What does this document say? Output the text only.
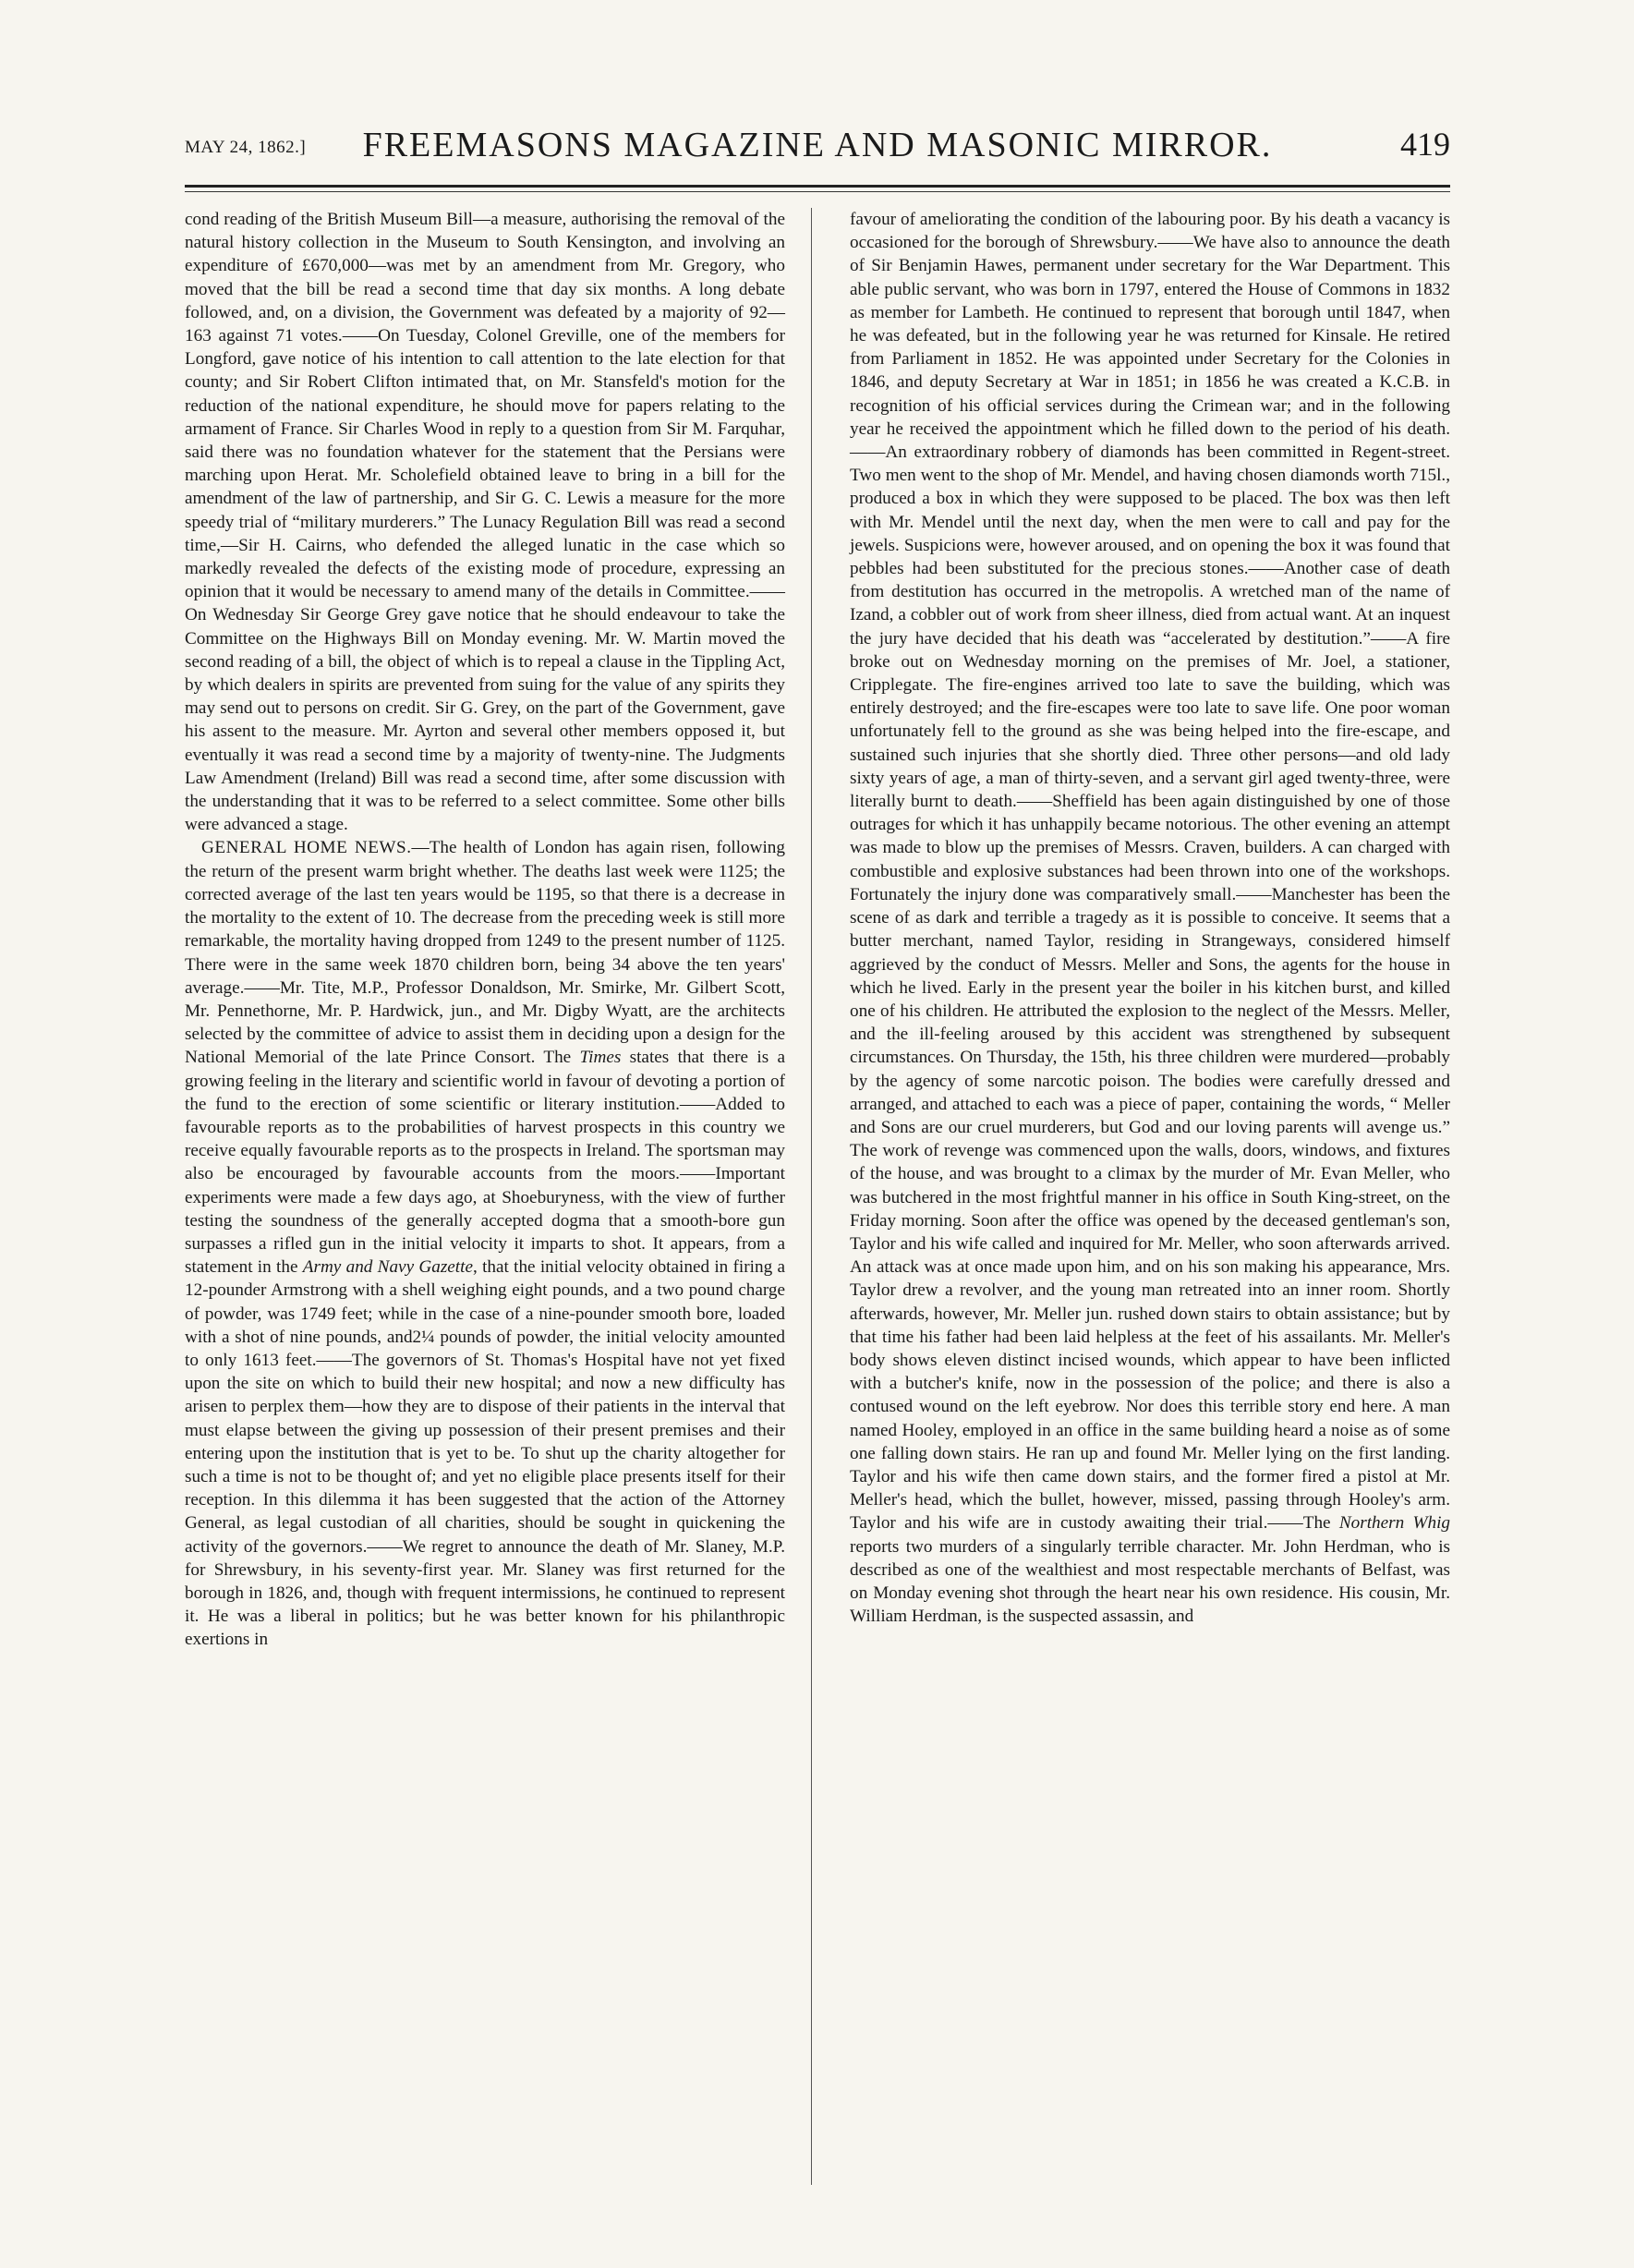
MAY 24, 1862.]	FREEMASONS MAGAZINE AND MASONIC MIRROR.	419

cond reading of the British Museum Bill—a measure, authorising the removal of the natural history collection in the Museum to South Kensington, and involving an expenditure of £670,000—was met by an amendment from Mr. Gregory, who moved that the bill be read a second time that day six months. A long debate followed, and, on a division, the Government was defeated by a majority of 92—163 against 71 votes.——On Tuesday, Colonel Greville, one of the members for Longford, gave notice of his intention to call attention to the late election for that county; and Sir Robert Clifton intimated that, on Mr. Stansfeld's motion for the reduction of the national expenditure, he should move for papers relating to the armament of France. Sir Charles Wood in reply to a question from Sir M. Farquhar, said there was no foundation whatever for the statement that the Persians were marching upon Herat. Mr. Scholefield obtained leave to bring in a bill for the amendment of the law of partnership, and Sir G. C. Lewis a measure for the more speedy trial of “military murderers.” The Lunacy Regulation Bill was read a second time,—Sir H. Cairns, who defended the alleged lunatic in the case which so markedly revealed the defects of the existing mode of procedure, expressing an opinion that it would be necessary to amend many of the details in Committee.——On Wednesday Sir George Grey gave notice that he should endeavour to take the Committee on the Highways Bill on Monday evening. Mr. W. Martin moved the second reading of a bill, the object of which is to repeal a clause in the Tippling Act, by which dealers in spirits are prevented from suing for the value of any spirits they may send out to persons on credit. Sir G. Grey, on the part of the Government, gave his assent to the measure. Mr. Ayrton and several other members opposed it, but eventually it was read a second time by a majority of twenty-nine. The Judgments Law Amendment (Ireland) Bill was read a second time, after some discussion with the understanding that it was to be referred to a select committee. Some other bills were advanced a stage.

GENERAL HOME NEWS.—The health of London has again risen, following the return of the present warm bright whether. The deaths last week were 1125; the corrected average of the last ten years would be 1195, so that there is a decrease in the mortality to the extent of 10. The decrease from the preceding week is still more remarkable, the mortality having dropped from 1249 to the present number of 1125. There were in the same week 1870 children born, being 34 above the ten years' average.——Mr. Tite, M.P., Professor Donaldson, Mr. Smirke, Mr. Gilbert Scott, Mr. Pennethorne, Mr. P. Hardwick, jun., and Mr. Digby Wyatt, are the architects selected by the committee of advice to assist them in deciding upon a design for the National Memorial of the late Prince Consort. The Times states that there is a growing feeling in the literary and scientific world in favour of devoting a portion of the fund to the erection of some scientific or literary institution.——Added to favourable reports as to the probabilities of harvest prospects in this country we receive equally favourable reports as to the prospects in Ireland. The sportsman may also be encouraged by favourable accounts from the moors.——Important experiments were made a few days ago, at Shoeburyness, with the view of further testing the soundness of the generally accepted dogma that a smooth-bore gun surpasses a rifled gun in the initial velocity it imparts to shot. It appears, from a statement in the Army and Navy Gazette, that the initial velocity obtained in firing a 12-pounder Armstrong with a shell weighing eight pounds, and a two pound charge of powder, was 1749 feet; while in the case of a nine-pounder smooth bore, loaded with a shot of nine pounds, and2¼ pounds of powder, the initial velocity amounted to only 1613 feet.——The governors of St. Thomas's Hospital have not yet fixed upon the site on which to build their new hospital; and now a new difficulty has arisen to perplex them—how they are to dispose of their patients in the interval that must elapse between the giving up possession of their present premises and their entering upon the institution that is yet to be. To shut up the charity altogether for such a time is not to be thought of; and yet no eligible place presents itself for their reception. In this dilemma it has been suggested that the action of the Attorney General, as legal custodian of all charities, should be sought in quickening the activity of the governors.——We regret to announce the death of Mr. Slaney, M.P. for Shrewsbury, in his seventy-first year. Mr. Slaney was first returned for the borough in 1826, and, though with frequent intermissions, he continued to represent it. He was a liberal in politics; but he was better known for his philanthropic exertions in

favour of ameliorating the condition of the labouring poor. By his death a vacancy is occasioned for the borough of Shrewsbury.——We have also to announce the death of Sir Benjamin Hawes, permanent under secretary for the War Department. This able public servant, who was born in 1797, entered the House of Commons in 1832 as member for Lambeth. He continued to represent that borough until 1847, when he was defeated, but in the following year he was returned for Kinsale. He retired from Parliament in 1852. He was appointed under Secretary for the Colonies in 1846, and deputy Secretary at War in 1851; in 1856 he was created a K.C.B. in recognition of his official services during the Crimean war; and in the following year he received the appointment which he filled down to the period of his death.——An extraordinary robbery of diamonds has been committed in Regent-street. Two men went to the shop of Mr. Mendel, and having chosen diamonds worth 715l., produced a box in which they were supposed to be placed. The box was then left with Mr. Mendel until the next day, when the men were to call and pay for the jewels. Suspicions were, however aroused, and on opening the box it was found that pebbles had been substituted for the precious stones.——Another case of death from destitution has occurred in the metropolis. A wretched man of the name of Izand, a cobbler out of work from sheer illness, died from actual want. At an inquest the jury have decided that his death was “accelerated by destitution.”——A fire broke out on Wednesday morning on the premises of Mr. Joel, a stationer, Cripplegate. The fire-engines arrived too late to save the building, which was entirely destroyed; and the fire-escapes were too late to save life. One poor woman unfortunately fell to the ground as she was being helped into the fire-escape, and sustained such injuries that she shortly died. Three other persons—and old lady sixty years of age, a man of thirty-seven, and a servant girl aged twenty-three, were literally burnt to death.——Sheffield has been again distinguished by one of those outrages for which it has unhappily became notorious. The other evening an attempt was made to blow up the premises of Messrs. Craven, builders. A can charged with combustible and explosive substances had been thrown into one of the workshops. Fortunately the injury done was comparatively small.——Manchester has been the scene of as dark and terrible a tragedy as it is possible to conceive. It seems that a butter merchant, named Taylor, residing in Strangeways, considered himself aggrieved by the conduct of Messrs. Meller and Sons, the agents for the house in which he lived. Early in the present year the boiler in his kitchen burst, and killed one of his children. He attributed the explosion to the neglect of the Messrs. Meller, and the ill-feeling aroused by this accident was strengthened by subsequent circumstances. On Thursday, the 15th, his three children were murdered—probably by the agency of some narcotic poison. The bodies were carefully dressed and arranged, and attached to each was a piece of paper, containing the words, “ Meller and Sons are our cruel murderers, but God and our loving parents will avenge us.” The work of revenge was commenced upon the walls, doors, windows, and fixtures of the house, and was brought to a climax by the murder of Mr. Evan Meller, who was butchered in the most frightful manner in his office in South King-street, on the Friday morning. Soon after the office was opened by the deceased gentleman's son, Taylor and his wife called and inquired for Mr. Meller, who soon afterwards arrived. An attack was at once made upon him, and on his son making his appearance, Mrs. Taylor drew a revolver, and the young man retreated into an inner room. Shortly afterwards, however, Mr. Meller jun. rushed down stairs to obtain assistance; but by that time his father had been laid helpless at the feet of his assailants. Mr. Meller's body shows eleven distinct incised wounds, which appear to have been inflicted with a butcher's knife, now in the possession of the police; and there is also a contused wound on the left eyebrow. Nor does this terrible story end here. A man named Hooley, employed in an office in the same building heard a noise as of some one falling down stairs. He ran up and found Mr. Meller lying on the first landing. Taylor and his wife then came down stairs, and the former fired a pistol at Mr. Meller's head, which the bullet, however, missed, passing through Hooley's arm. Taylor and his wife are in custody awaiting their trial.——The Northern Whig reports two murders of a singularly terrible character. Mr. John Herdman, who is described as one of the wealthiest and most respectable merchants of Belfast, was on Monday evening shot through the heart near his own residence. His cousin, Mr. William Herdman, is the suspected assassin, and
